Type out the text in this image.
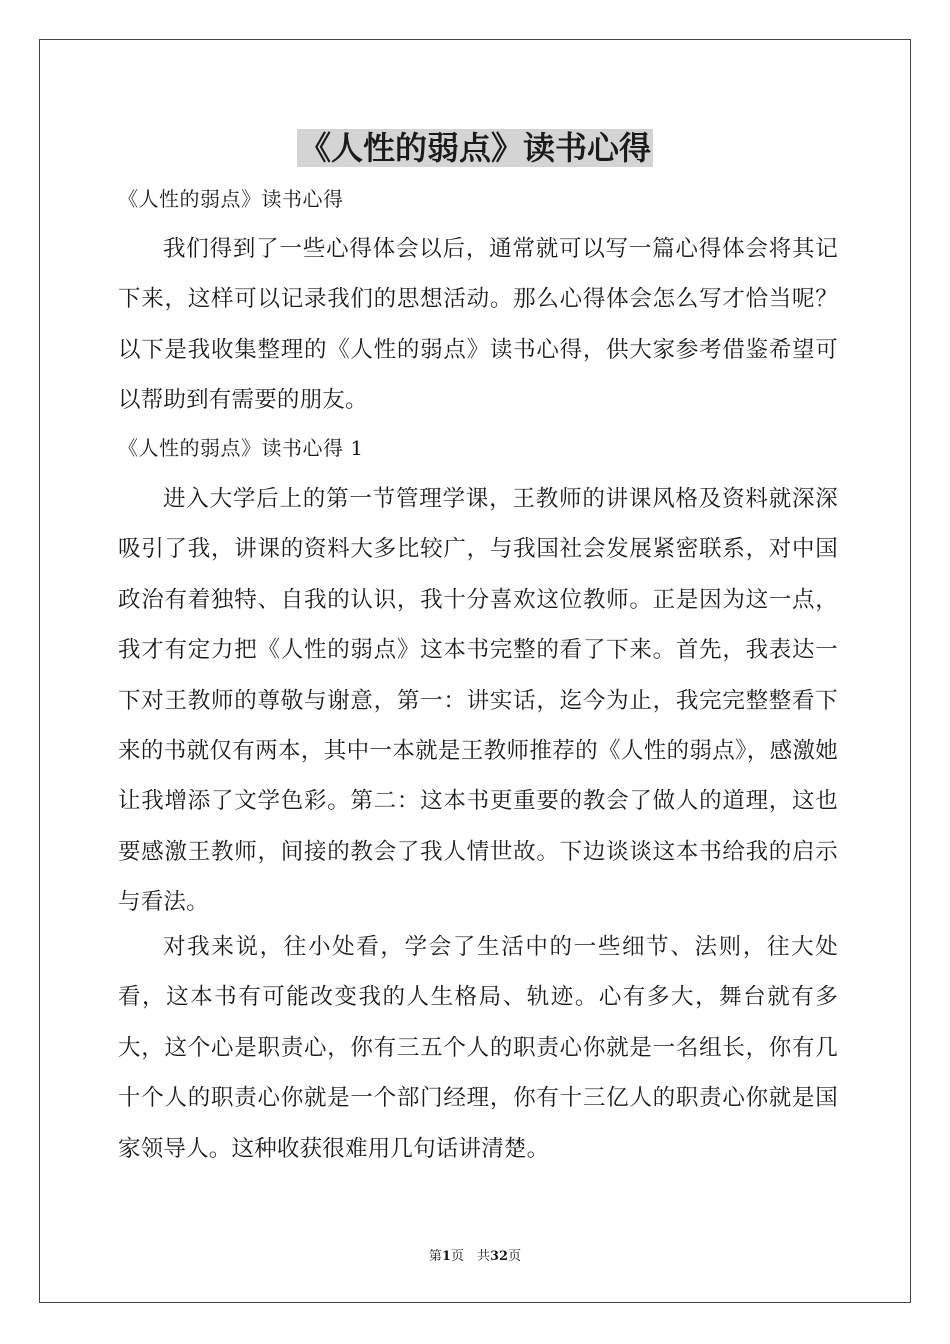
《人性的弱点》读书心得
《人性的弱点》读书心得
我们得到了一些心得体会以后，通常就可以写一篇心得体会将其记下来，这样可以记录我们的思想活动。那么心得体会怎么写才恰当呢？以下是我收集整理的《人性的弱点》读书心得，供大家参考借鉴希望可以帮助到有需要的朋友。
《人性的弱点》读书心得 1
进入大学后上的第一节管理学课，王教师的讲课风格及资料就深深吸引了我，讲课的资料大多比较广，与我国社会发展紧密联系，对中国政治有着独特、自我的认识，我十分喜欢这位教师。正是因为这一点，我才有定力把《人性的弱点》这本书完整的看了下来。首先，我表达一下对王教师的尊敬与谢意，第一：讲实话，迄今为止，我完完整整看下来的书就仅有两本，其中一本就是王教师推荐的《人性的弱点》，感激她让我增添了文学色彩。第二：这本书更重要的教会了做人的道理，这也要感激王教师，间接的教会了我人情世故。下边谈谈这本书给我的启示与看法。
对我来说，往小处看，学会了生活中的一些细节、法则，往大处看，这本书有可能改变我的人生格局、轨迹。心有多大，舞台就有多大，这个心是职责心，你有三五个人的职责心你就是一名组长，你有几十个人的职责心你就是一个部门经理，你有十三亿人的职责心你就是国家领导人。这种收获很难用几句话讲清楚。
第1页　共32页
